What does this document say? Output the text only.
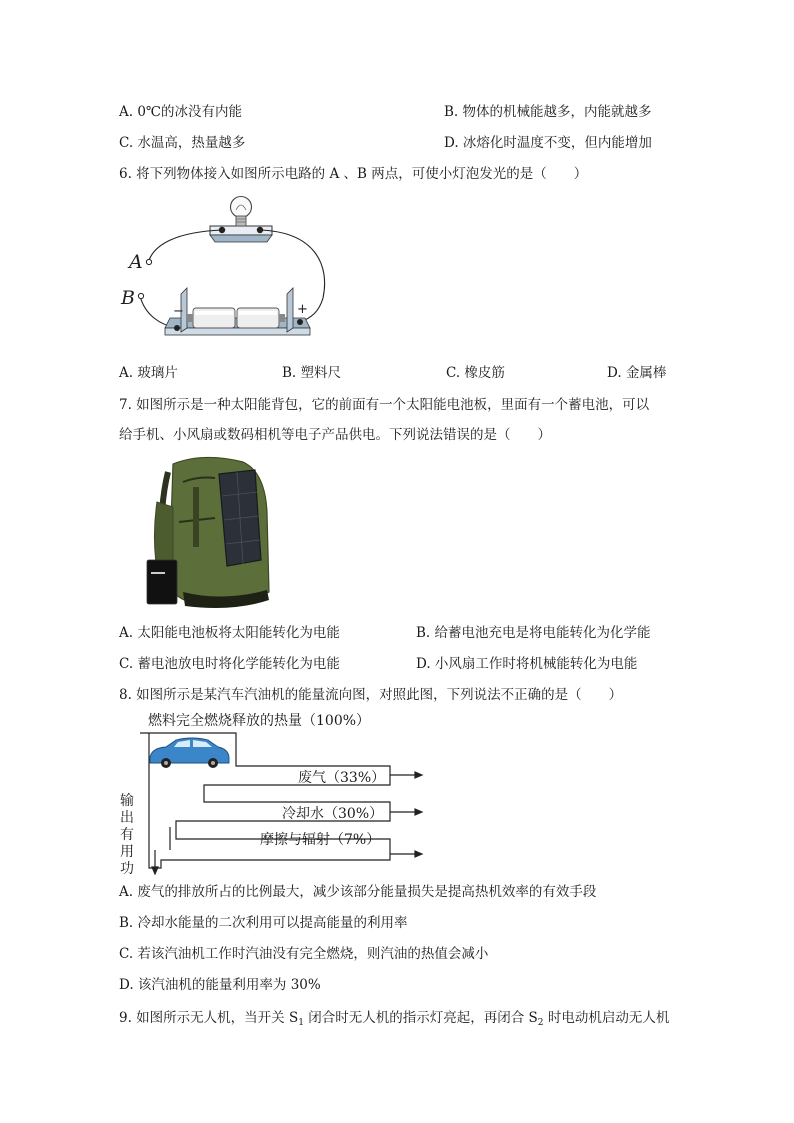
A. 0℃的冰没有内能	B. 物体的机械能越多，内能就越多
C. 水温高，热量越多	D. 冰熔化时温度不变，但内能增加
6. 将下列物体接入如图所示电路的 A 、B 两点，可使小灯泡发光的是（　　）
A
B
−	+
A. 玻璃片	B. 塑料尺	C. 橡皮筋	D. 金属棒
7. 如图所示是一种太阳能背包，它的前面有一个太阳能电池板，里面有一个蓄电池，可以
给手机、小风扇或数码相机等电子产品供电。下列说法错误的是（　　）
A. 太阳能电池板将太阳能转化为电能	B. 给蓄电池充电是将电能转化为化学能
C. 蓄电池放电时将化学能转化为电能	D. 小风扇工作时将机械能转化为电能
8. 如图所示是某汽车汽油机的能量流向图，对照此图，下列说法不正确的是（　　）
燃料完全燃烧释放的热量（100%）
废气（33%）
冷却水（30%）
摩擦与辐射（7%）
输
出
有
用
功
A. 废气的排放所占的比例最大，减少该部分能量损失是提高热机效率的有效手段
B. 冷却水能量的二次利用可以提高能量的利用率
C. 若该汽油机工作时汽油没有完全燃烧，则汽油的热值会减小
D. 该汽油机的能量利用率为 30%
9. 如图所示无人机，当开关 $S_1$ 闭合时无人机的指示灯亮起，再闭合 $S_2$ 时电动机启动无人机
